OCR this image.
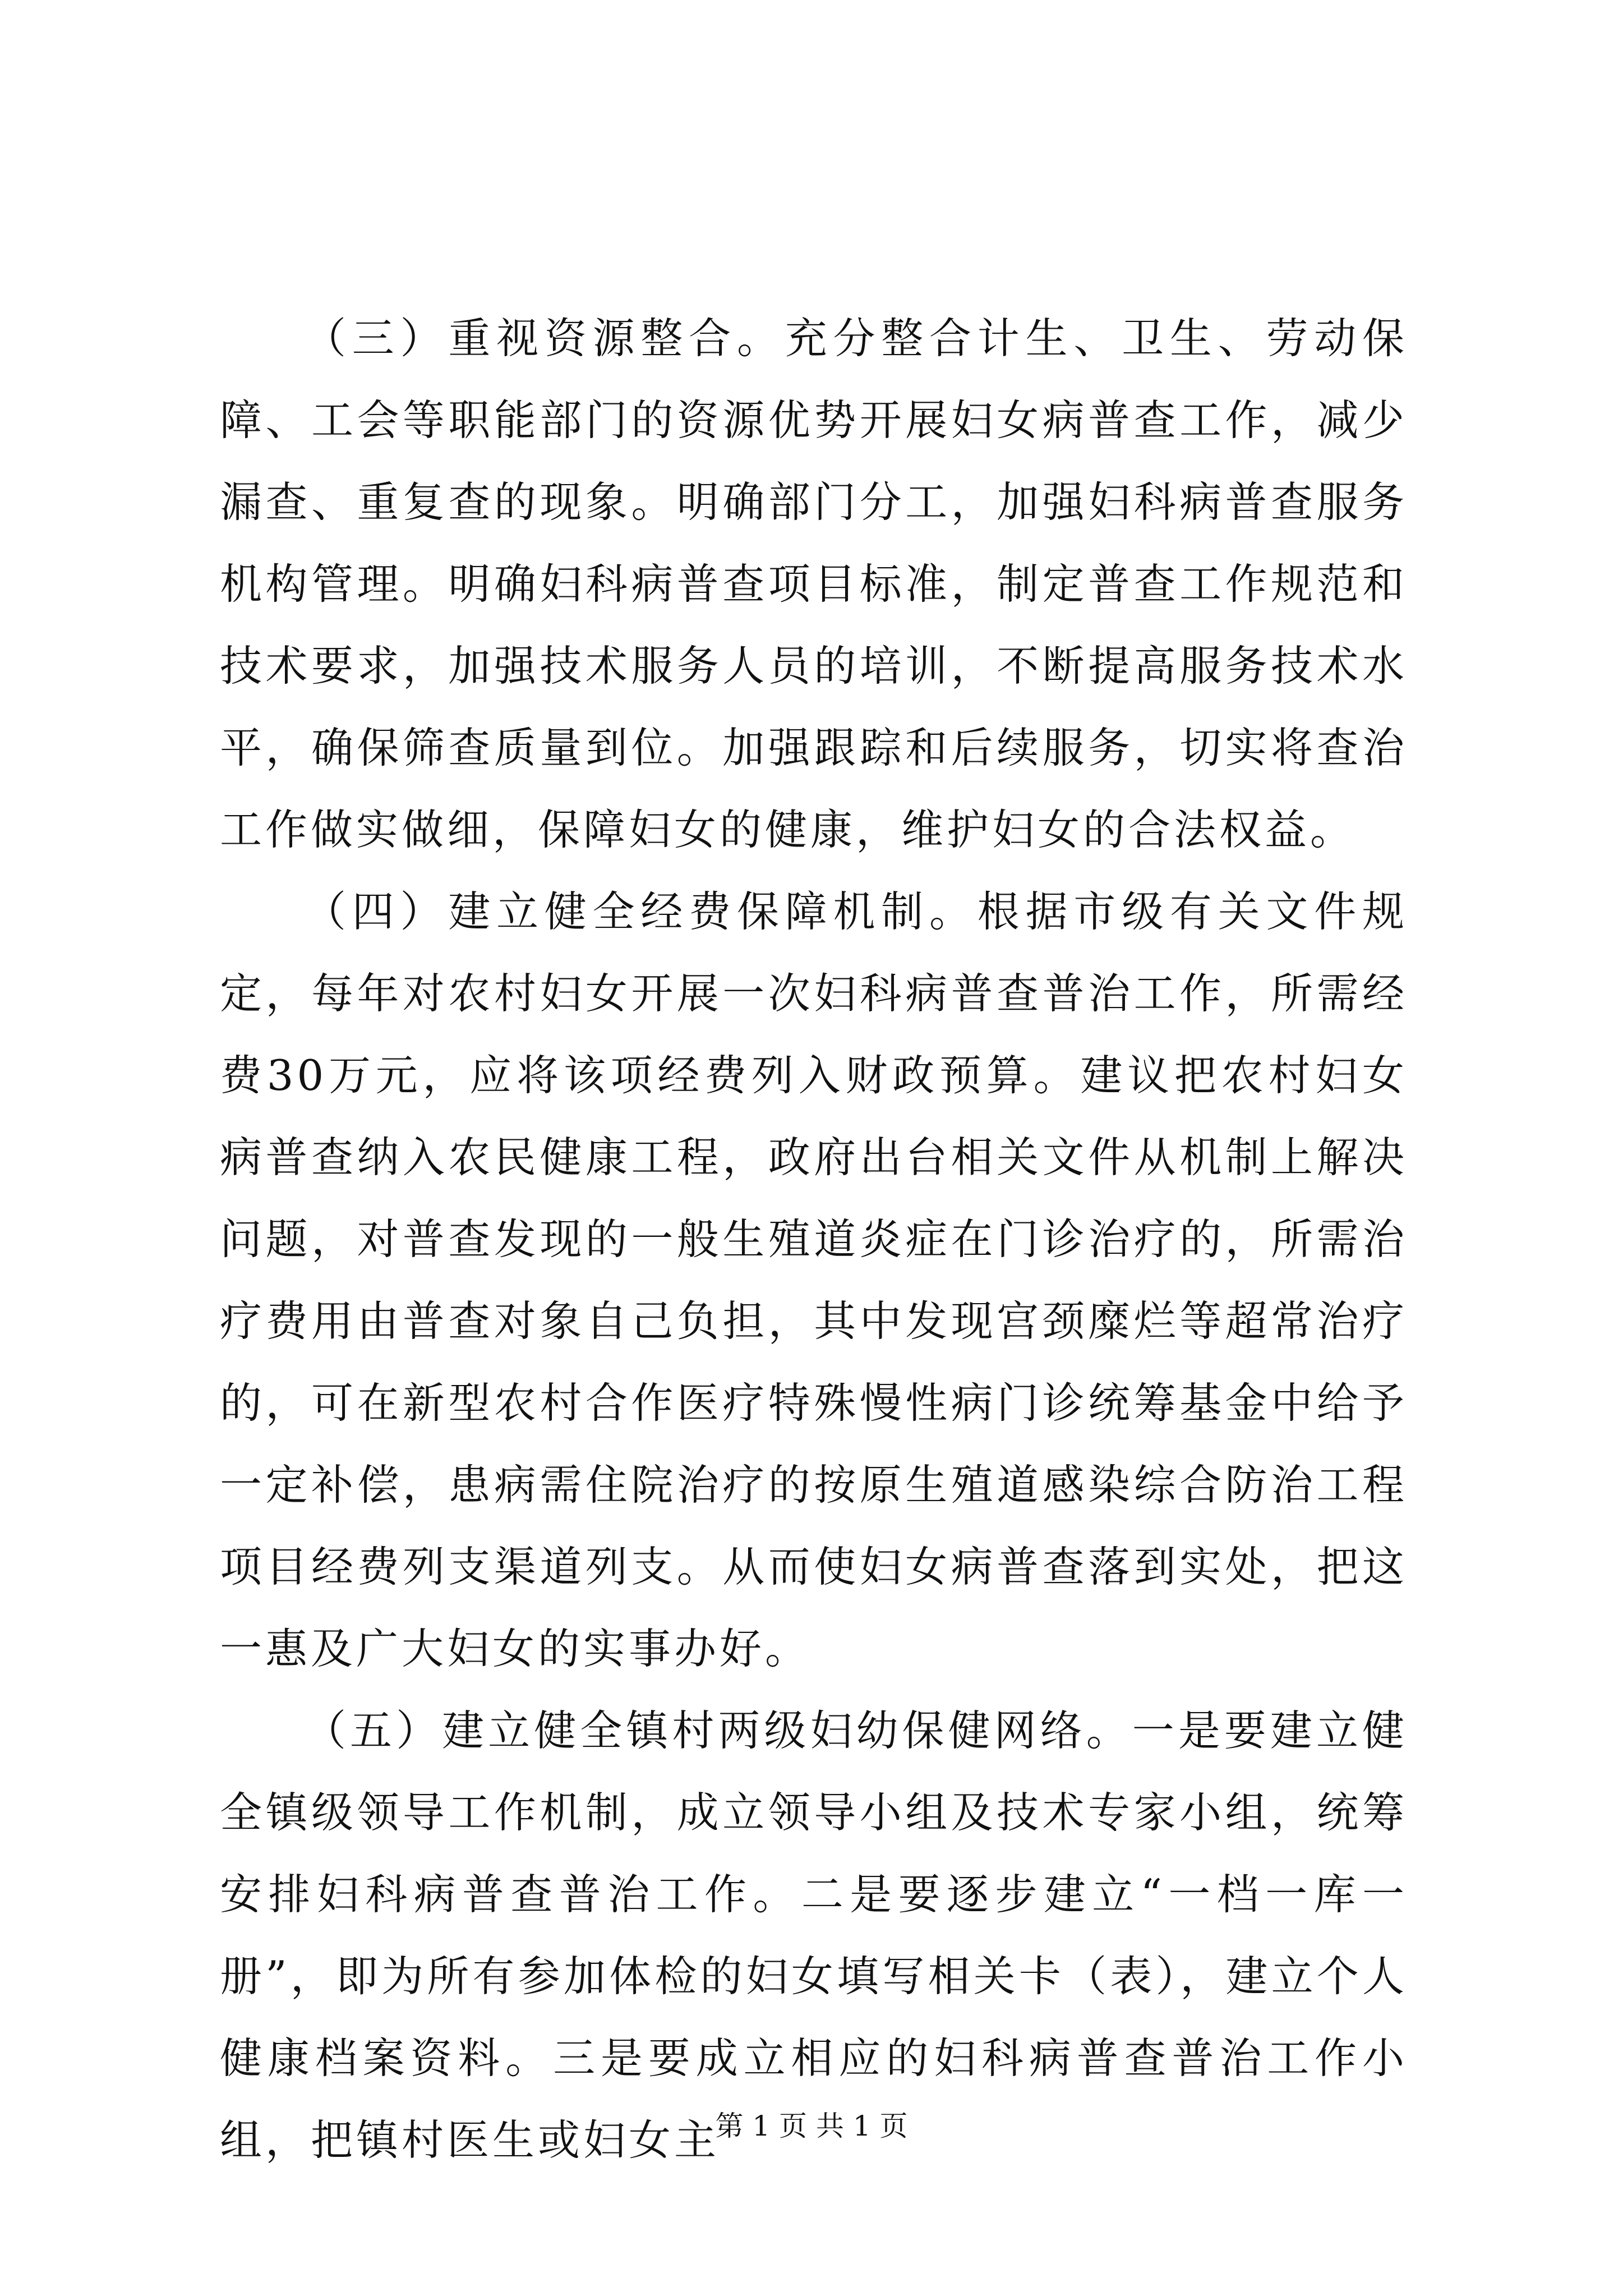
（三）重视资源整合。充分整合计生、卫生、劳动保障、工会等职能部门的资源优势开展妇女病普查工作，减少漏查、重复查的现象。明确部门分工，加强妇科病普查服务机构管理。明确妇科病普查项目标准，制定普查工作规范和技术要求，加强技术服务人员的培训，不断提高服务技术水平，确保筛查质量到位。加强跟踪和后续服务，切实将查治工作做实做细，保障妇女的健康，维护妇女的合法权益。

（四）建立健全经费保障机制。根据市级有关文件规定，每年对农村妇女开展一次妇科病普查普治工作，所需经费30万元，应将该项经费列入财政预算。建议把农村妇女病普查纳入农民健康工程，政府出台相关文件从机制上解决问题，对普查发现的一般生殖道炎症在门诊治疗的，所需治疗费用由普查对象自己负担，其中发现宫颈糜烂等超常治疗的，可在新型农村合作医疗特殊慢性病门诊统筹基金中给予一定补偿，患病需住院治疗的按原生殖道感染综合防治工程项目经费列支渠道列支。从而使妇女病普查落到实处，把这一惠及广大妇女的实事办好。

（五）建立健全镇村两级妇幼保健网络。一是要建立健全镇级领导工作机制，成立领导小组及技术专家小组，统筹安排妇科病普查普治工作。二是要逐步建立“一档一库一册”，即为所有参加体检的妇女填写相关卡（表），建立个人健康档案资料。三是要成立相应的妇科病普查普治工作小组，把镇村医生或妇女主

第 1 页 共 1 页
